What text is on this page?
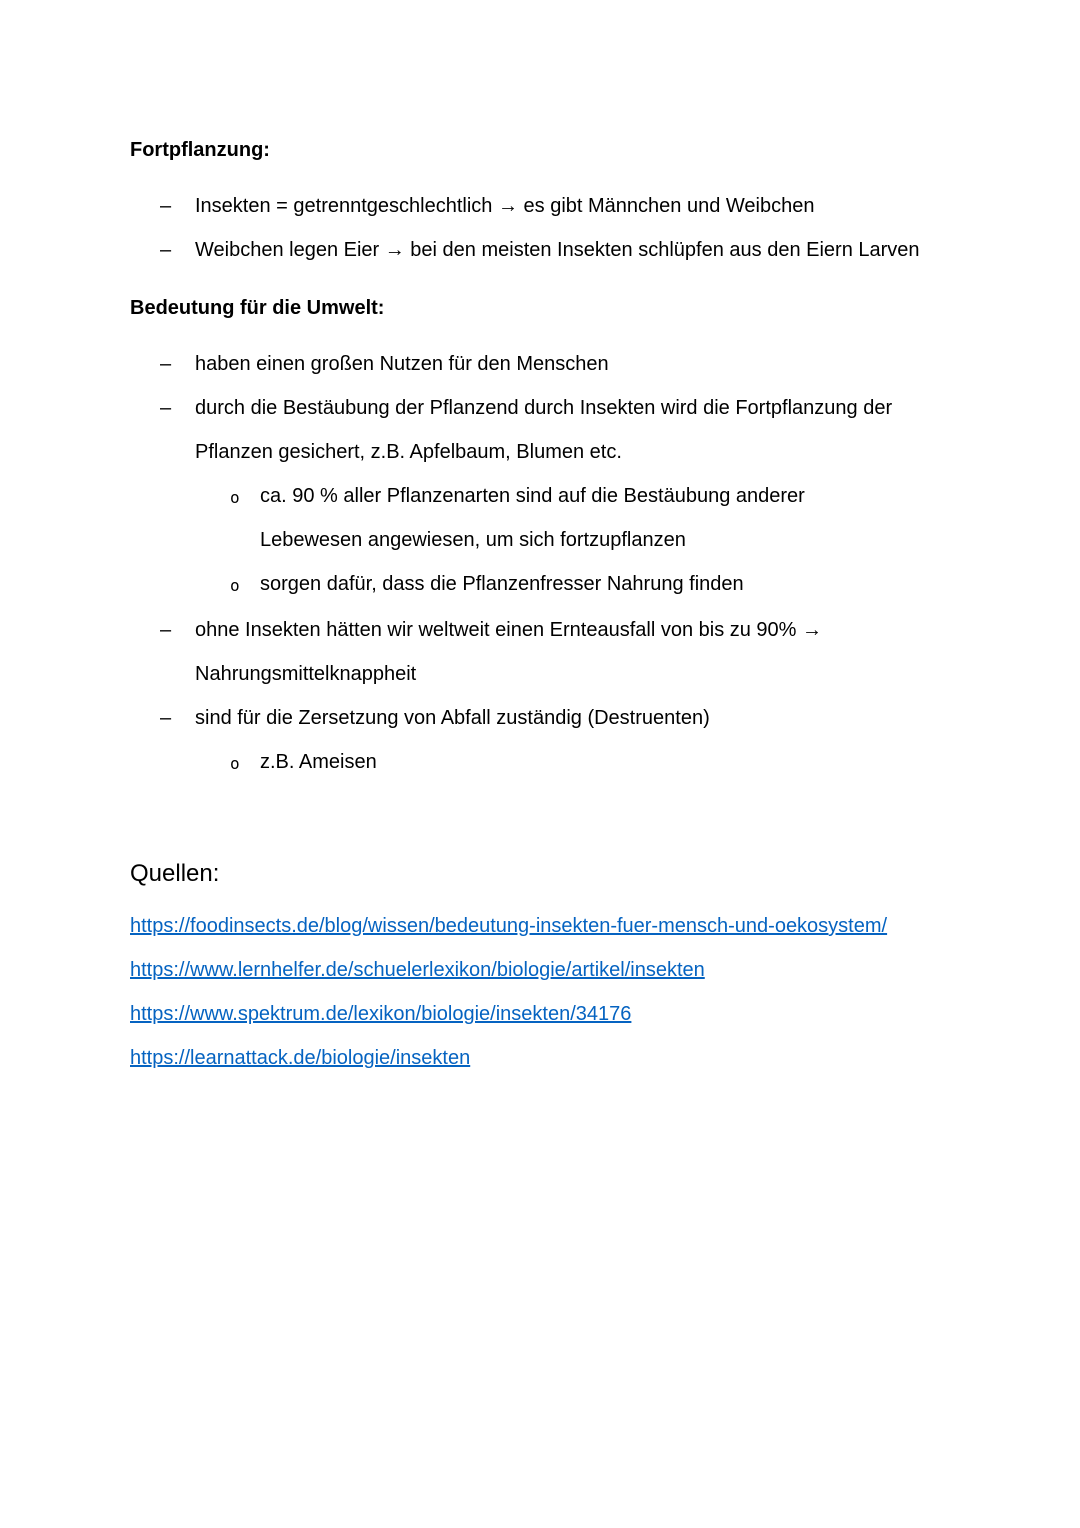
Fortpflanzung:
–	Insekten = getrenntgeschlechtlich → es gibt Männchen und Weibchen
–	Weibchen legen Eier → bei den meisten Insekten schlüpfen aus den Eiern Larven
Bedeutung für die Umwelt:
–	haben einen großen Nutzen für den Menschen
–	durch die Bestäubung der Pflanzend durch Insekten wird die Fortpflanzung der Pflanzen gesichert, z.B. Apfelbaum, Blumen etc.
o	ca. 90 % aller Pflanzenarten sind auf die Bestäubung anderer Lebewesen angewiesen, um sich fortzupflanzen
o	sorgen dafür, dass die Pflanzenfresser Nahrung finden
–	ohne Insekten hätten wir weltweit einen Ernteausfall von bis zu 90% → Nahrungsmittelknappheit
–	sind für die Zersetzung von Abfall zuständig (Destruenten)
o	z.B. Ameisen
Quellen:
https://foodinsects.de/blog/wissen/bedeutung-insekten-fuer-mensch-und-oekosystem/
https://www.lernhelfer.de/schuelerlexikon/biologie/artikel/insekten
https://www.spektrum.de/lexikon/biologie/insekten/34176
https://learnattack.de/biologie/insekten
